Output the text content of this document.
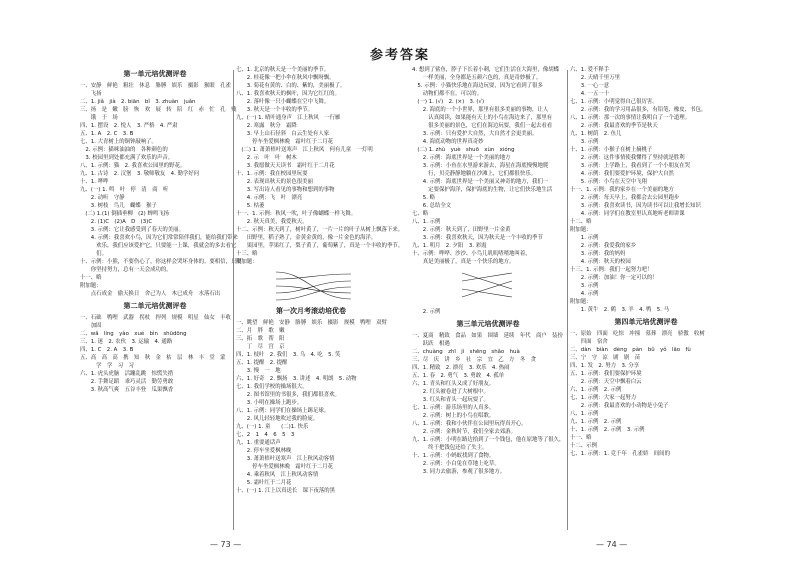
参考答案
第一单元培优测评卷
一、安静　鲜艳　粗壮　休息　胳膊　娱乐　摄影　猴眼　孔雀
　　飞扬
二、1. jiǎ　jià　2. biān　bǐ　3. zhuàn　juǎn
三、扬　是　嫩　膀　恢　欢　展　转　陪　红　赤　忙　孔　残
　　饿　于　场
四、1. 摆设　2. 悦人　3. 严格　4. 严肃
五、1. A　2. C　3. B
七、1. 大青树上的铜钟敲响了。
　2. 示例：猫咪油油的　各种颜色的
　3. 校园里到处都充满了欢乐的声音。
八、1. 示例：猫　2. 我喜欢公园里的野花。
九、1. 古诗　2. 汉堡　3. 敬师敬友　4. 勤学好问
十、1. 哗哗
九、(一) 1. 鸣　叶　停　清　商　听
　　2. 动听　守静
　　3. 树枝　鸟儿　蝴蝶　猴子
　(二) 1.(1) 倒插垂柳　(2) 蝉鸣飞扬
　　2. (1)C　(2)A　D　(3)C
　　3. 示例：它让我感受到了春天的美丽。
　　4. 示例：我喜欢小鸟，因为它们常常陪伴我们，能给我们带来
　　　欢乐，我们应该爱护它，只要能一上课，我就会的多去看它
　　　们。
十、示例：小熊，不要伤心了，你这样会哭坏身体的。要相信，只要
　　你坚持努力，总有一天会成功的。
十一、略
附加题：
　　点石成金　偷天换日　舍己为人　木已成舟　水落石出
第二单元培优测评卷
一、石础　鸭哩　武器　拐杖　捍列　规模　明星　仙女　丰收
　　加固
二、wǎ　líng　yào　xué　bìn　shūdōng
三、1. 迷　2. 农伙　3. 运输　4. 通路
四、1. C　2. A　3. B
五、高　高　高　携　知　秋　金　枯　层　林　丰　堂　蒙
　　　学　学　习　习
六、1. 虎头虎脑　活蹦乱跳　惊慌失措
　　2. 手舞足蹈　乖巧灵活　勤劳勇敢
　　3. 秋高气爽　五谷丰登　瓜果飘香
七、1. 北京的秋天是一个美丽的季节。
　　2. 桂花像一把小伞在秋风中飘呀飘。
　　3. 菊花有黄的、白的、紫的，美丽极了。
八、1. 我喜欢秋天的枫叶，因为它红红的。
　　2. 落叶像一只小蝴蝶在空中飞舞。
　　3. 秋天是一个丰收的季节。
九、(一) 1. 晴叶通身声　江上秋风　一行雁
　　2. 寒露　秋分　霜降
　　3. 早上山石径斜　白云生处有人家
　　　停车坐爱枫林晚　霜叶红于二月花
　(二) 1. 萧萧梧叶送寒声　江上秋风　何有儿童　一灯明
　　2. 示　叶　叶　树木
　　3. 我愿做天天读书　霜叶红于二月花
十、1. 示例：我在校园里玩耍
　　2. 表现出秋天的景色很美丽
　　3. 写出诗人看见的事物和想到的事物
　　4. 示例：飞　叶　漂亮
　　5. 枯萎
十一、1. 示例：秋风一吹，叶子像蝴蝶一样飞舞。
　　2. 秋天真美，我爱秋天。
十二、示例：秋天到了，树叶黄了，一片一片的叶子从树上飘落下来。
　　田野里，稻子熟了，金黄金黄的，像一片金色的海洋。
　　果园里，苹果红了，梨子黄了，葡萄紫了，真是一个丰收的季节。
十三、略
附加题：
第一次月考滚动培优卷
一、眺望　鲜艳　安静　胳膊　娱乐　摄影　规模　鸭哩　双臂
二、月　胖　歌　嫩
三、拓　歌　帮　阳
　　丁　尽　宫　京
四、1. 枝叶　2. 我们　3. 乌　4. 吃　5. 笑
五、1. 提醒　2. 提醒
　　3. 慢　一　地
六、1. 好奇　2. 飘扬　3. 讲述　4. 明朗　5. 动物
七、1. 我们学校的操场很大。
　　2. 图书馆里的书很多，我们都很喜欢。
　　3. 小明在操场上跑步。
八、1. 示例：同学们在操场上踢足球。
　　2. 风儿轻轻地吹过我的脸庞。
九、(一) 1. 童　　(二)1. 快乐
七、2　1　4　6　5　3
九、1. 重要通话声
　　2. 停车坐爱枫林晚
　　3. 萧萧梧叶送寒声　江上秋风动客情
　　　停车坐爱枫林晚　霜叶红于二月花
　　4. 乘着秋风　江上秋风动客情
　　5. 霜叶红于二月花
十、(一) 1. 江上以真送长　课下夜落的黑
4. 想到了鲨鱼，脖子下长着小刺，它们生活在大海里，像胡蝶
　　一样美丽，全身都是五颜六色的，真是奇妙极了。
　5. 示例：小猫快乐地在海边玩耍，因为它看到了很多
　　动物们都不在，可以的。
　(一) 1. (√)　2. (×)　3. (√)
　　2. 海底的一个小世界，那里有很多美丽的事物，让人
　　　认真阅读，如果能有天上的小鸟在海边来了，那里有
　　　很多美丽的景色，它们在海边玩耍，我们一起去看看
　　3. 示例：只有爱护大自然，大自然才会更美丽。
　　4. 海底动物的世界真奇妙
　(二) 1. zhù　yuè　shuō　xùn　xióng
　　2. 示例：海底世界是一个美丽的地方
　　3. 示例：小鱼在水里游来游去，海星在海底慢慢地爬
　　　行，贝壳静静地躺在沙滩上，它们都很快乐。
　　4. 示例：海底世界是一个美丽又神奇的地方，我们一
　　　定要保护海洋，保护海底的生物，让它们快乐地生活
　　5. 略
　　6. 总结全文
七、略
八、1. 示例
　　2. 示例：秋天到了，田野里一片金黄
　　3. 示例：我喜欢秋天，因为秋天是一个丰收的季节
九、1. 明月　2. 夕阳　3. 彩霞
十、示例：哗哗、沙沙、小鸟儿叽叽喳喳地叫着，
　　真是美丽极了，真是一个快乐的地方。
　　2. 示例
第三单元培优测评卷
一、夏商　精致　食品　如果　围墙　延续　年代　商户　装扮
　　跃跃　相遇
二、chuàng　zhī　jì　shēng　shǎo　huà
三、尽　庆　讲　乡　社　宗　宜　乙　方　冬　贪
四、1. 精致　2. 漂亮　3. 欢乐　4. 热闹
五、1. 春　2. 勇气　3. 勇敢　4. 孤单
六、1. 青头和红头又成了好朋友。
　　2. 红头被卷进了大树根中。
　　3. 红头和青头一起玩耍了。
七、1. 示例：游乐场里的人真多。
　　2. 示例：树上的小鸟在唱歌。
八、1. 示例：我和小伙伴在公园里玩得真开心。
　　2. 示例：金秋时节，我们全家去郊游。
九、1. 示例：小明在路边拾到了一个钱包，他在原地等了很久，
　　　终于把钱包还给了失主。
十、1. 示例：小蚂蚁找到了食物。
　　2. 示例：小白兔在草地上吃草。
　　3. 同力去旅游，参观了很多地方。
六、1. 爱不释手
　　2. 天晴千里万里
　　3. 一心一意
　　4. 一五一十
七、1. 示例：小明觉得自己很厉害。
　　2. 示例：我的学习用品很多，有铅笔、橡皮、书包。
八、1. 示例：那一次的事情让我明白了一个道理。
　　2. 示例：我最喜欢的季节是秋天
九、1. 树荫　2. 鱼儿
　　3. 示例
十、1. 示例：小猴子在树上摘桃子
　　2. 示例：这件事情使我懂得了坚持就是胜利
　　3. 示例：上学路上，我看到了一个小朋友在哭
　　4. 示例：我们要爱护环境，保护大自然
　　5. 示例：小鸟在天空中飞翔
十一、1. 示例：我的家乡在一个美丽的地方
　　2. 示例：每天早上，我都会去公园里跑步
　　3. 示例：我喜欢读书，因为读书可以让我增长知识
　　4. 示例：同学们在教室里认真地听老师讲课
十二、略
附加题：
　　1. 示例
　　2. 示例：我爱我的家乡
　　3. 示例：我的妈妈
　　4. 示例：秋天的校园
十三、1. 示例：我们一起努力吧！
　　2. 示例：加油！你一定可以的！
　　3. 示例
　　4. 示例
附加题：
　　1. 黄牛　2. 鹤　3. 羊　4. 鸭　5. 马
第四单元培优测评卷
一、原始　四面　吃惊　冲撞　墓葬　漂亮　骄傲　收树
　　四面　宿舍
二、dàn　biàn　dèng　pàn　bǔ　yǒ　lǎo　fù
三、宁　守　凉　剧　剧　苗
四、1. 发　2. 努力　3. 分享
五、1. 示例：我们要保护环境
　　2. 示例：天空中飘着白云
六、1. 示例　2. 示例
七、1. 示例：大家一起努力
　　2. 示例：我最喜欢的小动物是小兔子
八、1. 示例
九、1. 示例　2. 示例
十、1. 示例　2. 示例　3. 示例
十一、略
十二、示例
七、1. 示例：1. 竞千年　孔雀娇　间间的
— 73 —	— 74 —
